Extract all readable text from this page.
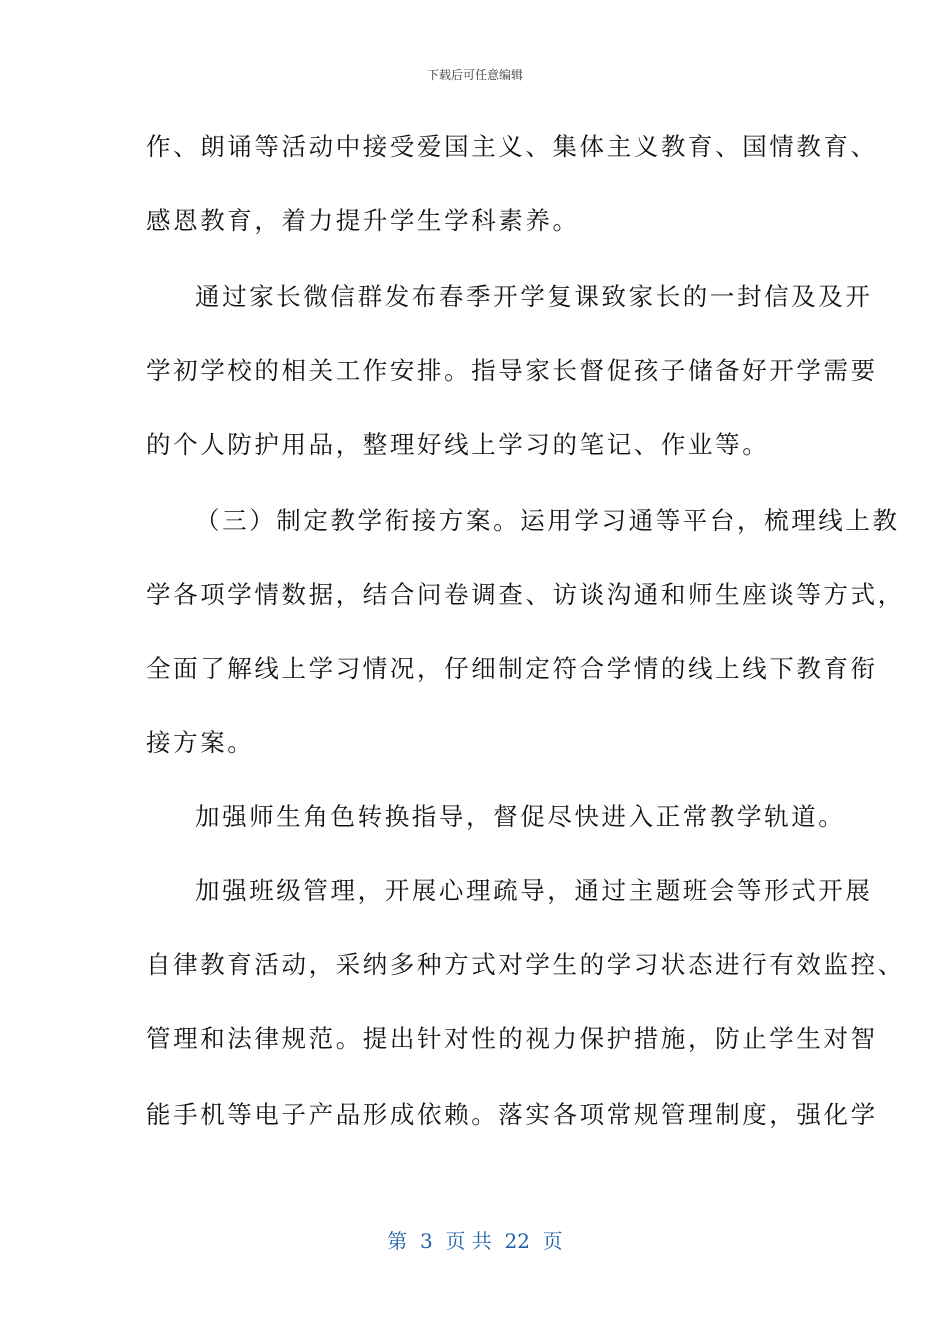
下载后可任意编辑
作、朗诵等活动中接受爱国主义、集体主义教育、国情教育、
感恩教育，着力提升学生学科素养。
通过家长微信群发布春季开学复课致家长的一封信及及开
学初学校的相关工作安排。指导家长督促孩子储备好开学需要
的个人防护用品，整理好线上学习的笔记、作业等。
（三）制定教学衔接方案。运用学习通等平台，梳理线上教
学各项学情数据，结合问卷调查、访谈沟通和师生座谈等方式，
全面了解线上学习情况，仔细制定符合学情的线上线下教育衔
接方案。
加强师生角色转换指导，督促尽快进入正常教学轨道。
加强班级管理，开展心理疏导，通过主题班会等形式开展
自律教育活动，采纳多种方式对学生的学习状态进行有效监控、
管理和法律规范。提出针对性的视力保护措施，防止学生对智
能手机等电子产品形成依赖。落实各项常规管理制度，强化学
第  3  页 共  22  页
